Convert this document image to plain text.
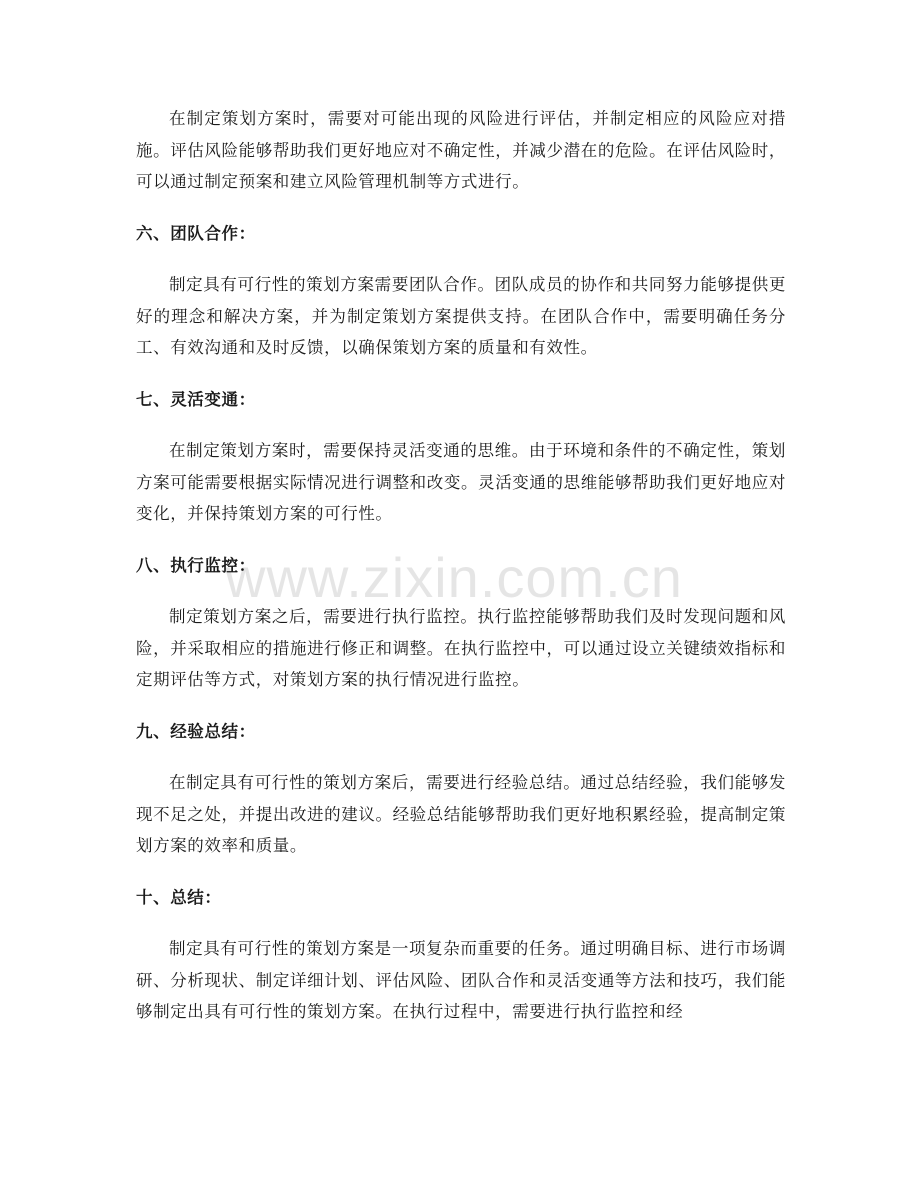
在制定策划方案时，需要对可能出现的风险进行评估，并制定相应的风险应对措施。评估风险能够帮助我们更好地应对不确定性，并减少潜在的危险。在评估风险时，可以通过制定预案和建立风险管理机制等方式进行。

六、团队合作：

制定具有可行性的策划方案需要团队合作。团队成员的协作和共同努力能够提供更好的理念和解决方案，并为制定策划方案提供支持。在团队合作中，需要明确任务分工、有效沟通和及时反馈，以确保策划方案的质量和有效性。

七、灵活变通：

在制定策划方案时，需要保持灵活变通的思维。由于环境和条件的不确定性，策划方案可能需要根据实际情况进行调整和改变。灵活变通的思维能够帮助我们更好地应对变化，并保持策划方案的可行性。

八、执行监控：

制定策划方案之后，需要进行执行监控。执行监控能够帮助我们及时发现问题和风险，并采取相应的措施进行修正和调整。在执行监控中，可以通过设立关键绩效指标和定期评估等方式，对策划方案的执行情况进行监控。

九、经验总结：

在制定具有可行性的策划方案后，需要进行经验总结。通过总结经验，我们能够发现不足之处，并提出改进的建议。经验总结能够帮助我们更好地积累经验，提高制定策划方案的效率和质量。

十、总结：

制定具有可行性的策划方案是一项复杂而重要的任务。通过明确目标、进行市场调研、分析现状、制定详细计划、评估风险、团队合作和灵活变通等方法和技巧，我们能够制定出具有可行性的策划方案。在执行过程中，需要进行执行监控和经

www.zixin.com.cn
